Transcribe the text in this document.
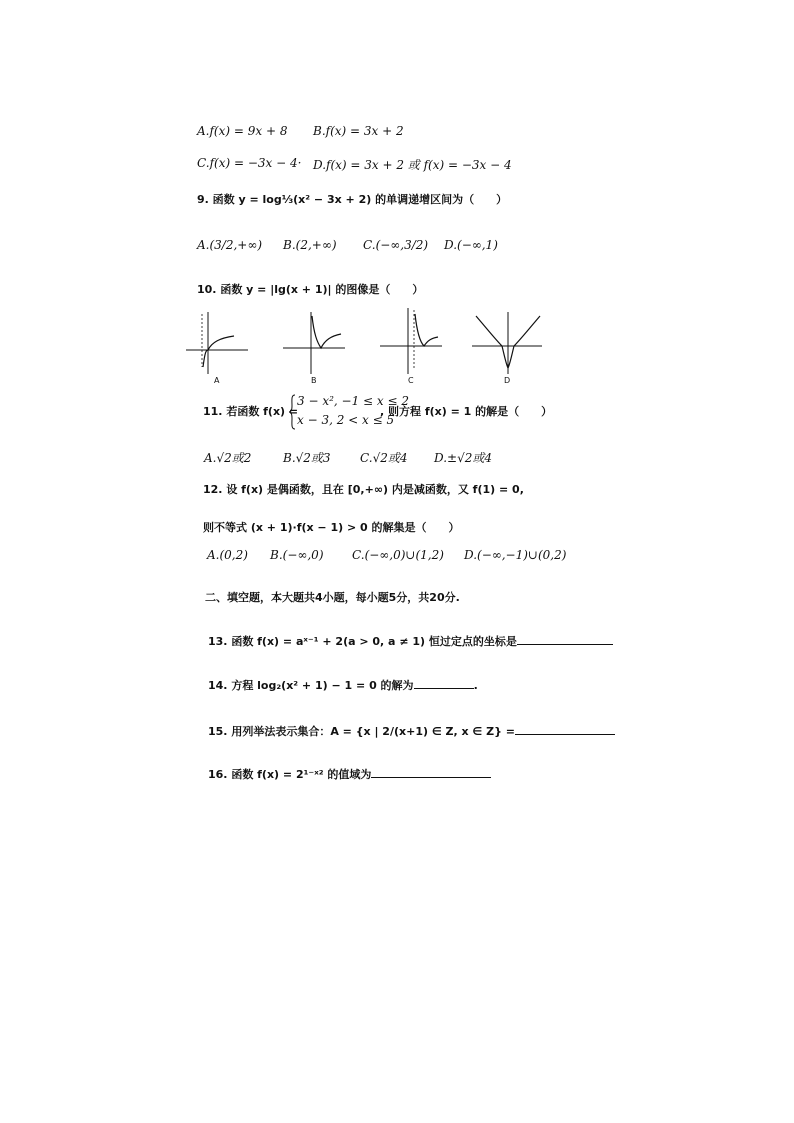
A.f(x) = 9x + 8 B.f(x) = 3x + 2
C.f(x) = −3x − 4· D.f(x) = 3x + 2 或 f(x) = −3x − 4
9. 函数 y = log⅓(x² − 3x + 2) 的单调递增区间为（　　）
A.(3/2,+∞) B.(2,+∞) C.(−∞,3/2) D.(−∞,1)
10. 函数 y = |lg(x + 1)| 的图像是（　　）
A	B	C	D
11. 若函数 f(x) =
3 − x², −1 ≤ x ≤ 2
x − 3, 2 < x ≤ 5
, 则方程 f(x) = 1 的解是（　　）
A.√2或2	B.√2或3 C.√2或4 D.±√2或4
12. 设 f(x) 是偶函数，且在 [0,+∞) 内是减函数，又 f(1) = 0,
则不等式 (x + 1)·f(x − 1) > 0 的解集是（　　）
A.(0,2) B.(−∞,0) C.(−∞,0)∪(1,2) D.(−∞,−1)∪(0,2)
二、填空题，本大题共4小题，每小题5分，共20分.
13. 函数 f(x) = aˣ⁻¹ + 2(a > 0, a ≠ 1) 恒过定点的坐标是
14. 方程 log₂(x² + 1) − 1 = 0 的解为	.
15. 用列举法表示集合：A = {x | 2/(x+1) ∈ Z, x ∈ Z} =
16. 函数 f(x) = 2¹⁻ˣ² 的值域为
